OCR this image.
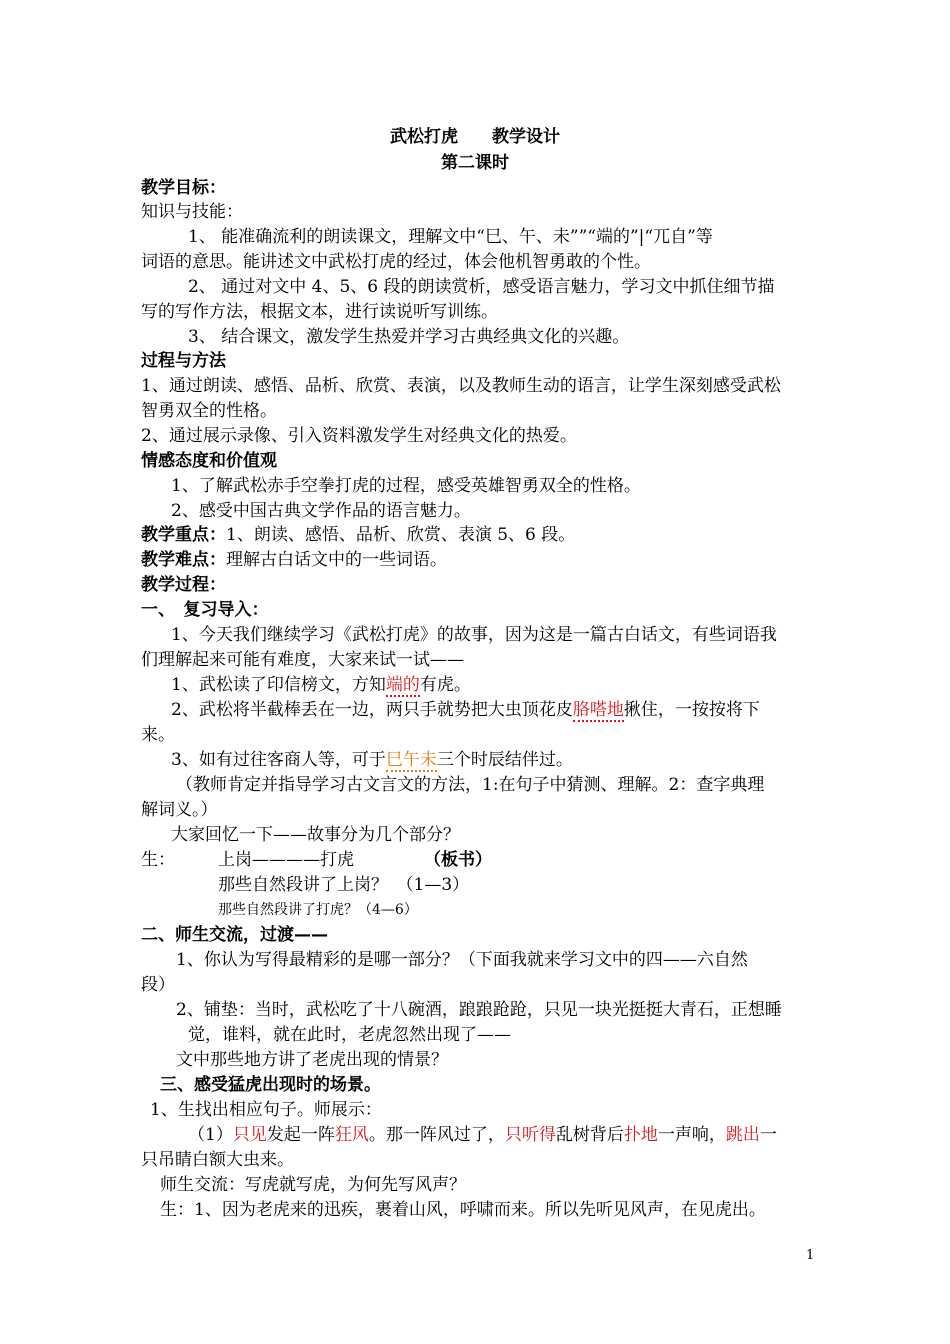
武松打虎　　教学设计
第二课时
教学目标：
知识与技能：
1、 能准确流利的朗读课文，理解文中“巳、午、未””“端的”|“兀自”等
词语的意思。能讲述文中武松打虎的经过，体会他机智勇敢的个性。
2、 通过对文中 4、5、6 段的朗读赏析，感受语言魅力，学习文中抓住细节描
写的写作方法，根据文本，进行读说听写训练。
3、 结合课文，激发学生热爱并学习古典经典文化的兴趣。
过程与方法
1、通过朗读、感悟、品析、欣赏、表演，以及教师生动的语言，让学生深刻感受武松
智勇双全的性格。
2、通过展示录像、引入资料激发学生对经典文化的热爱。
情感态度和价值观
1、了解武松赤手空拳打虎的过程，感受英雄智勇双全的性格。
2、感受中国古典文学作品的语言魅力。
教学重点：1、朗读、感悟、品析、欣赏、表演 5、6 段。
教学难点：理解古白话文中的一些词语。
教学过程：
一、　复习导入：
1、今天我们继续学习《武松打虎》的故事，因为这是一篇古白话文，有些词语我
们理解起来可能有难度，大家来试一试——
1、武松读了印信榜文，方知端的有虎。
2、武松将半截棒丢在一边，两只手就势把大虫顶花皮胳嗒地揪住，一按按将下
来。
3、如有过往客商人等，可于巳午未三个时辰结伴过。
（教师肯定并指导学习古文言文的方法，1:在句子中猜测、理解。2：查字典理
解词义。）
大家回忆一下——故事分为几个部分？
生：	上岗————打虎	（板书）
那些自然段讲了上岗？　（1—3）
那些自然段讲了打虎？（4—6）
二、师生交流，过渡——
1、你认为写得最精彩的是哪一部分？（下面我就来学习文中的四——六自然
段）
2、铺垫：当时，武松吃了十八碗酒，踉踉跄跄，只见一块光挺挺大青石，正想睡
觉，谁料，就在此时，老虎忽然出现了——
文中那些地方讲了老虎出现的情景？
三、感受猛虎出现时的场景。
1、生找出相应句子。师展示：
（1）只见发起一阵狂风。那一阵风过了，只听得乱树背后扑地一声响，跳出一
只吊睛白额大虫来。
师生交流：写虎就写虎，为何先写风声？
生：1、因为老虎来的迅疾，裹着山风，呼啸而来。所以先听见风声，在见虎出。
1
